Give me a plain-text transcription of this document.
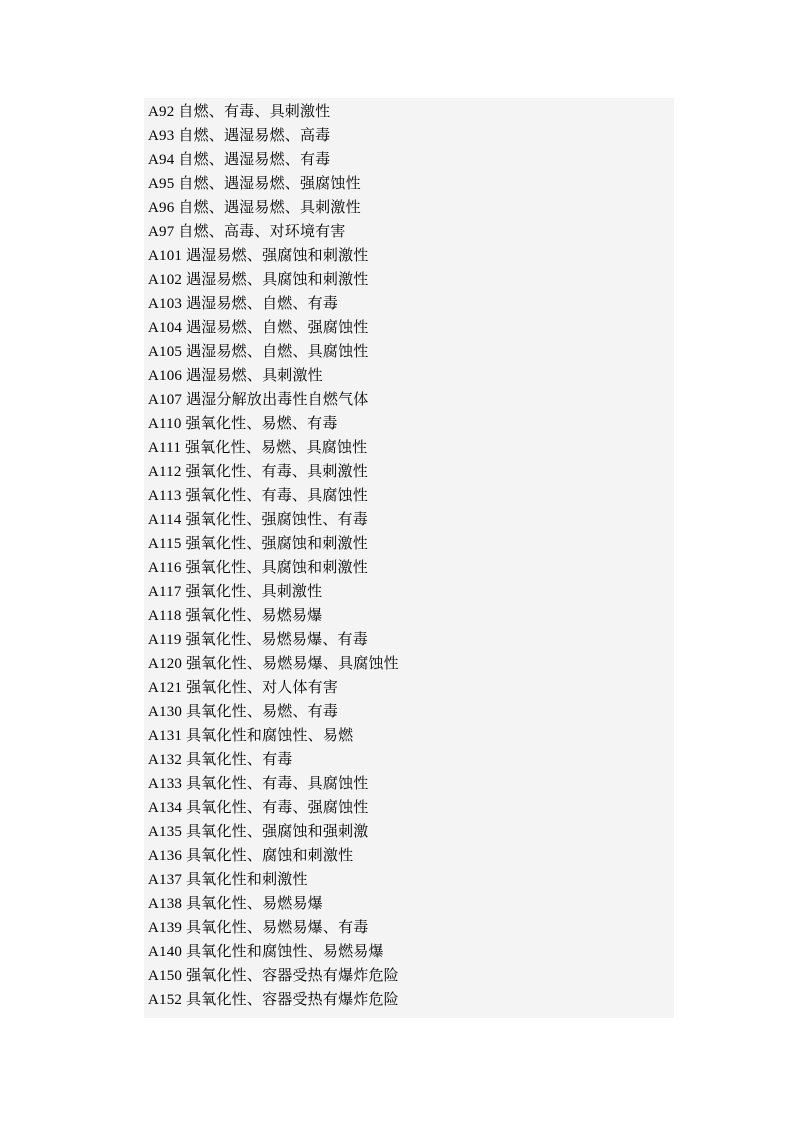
A92 自燃、有毒、具刺激性
A93 自燃、遇湿易燃、高毒
A94 自燃、遇湿易燃、有毒
A95 自燃、遇湿易燃、强腐蚀性
A96 自燃、遇湿易燃、具刺激性
A97 自燃、高毒、对环境有害
A101 遇湿易燃、强腐蚀和刺激性
A102 遇湿易燃、具腐蚀和刺激性
A103 遇湿易燃、自燃、有毒
A104 遇湿易燃、自燃、强腐蚀性
A105 遇湿易燃、自燃、具腐蚀性
A106 遇湿易燃、具刺激性
A107 遇湿分解放出毒性自燃气体
A110 强氧化性、易燃、有毒
A111 强氧化性、易燃、具腐蚀性
A112 强氧化性、有毒、具刺激性
A113 强氧化性、有毒、具腐蚀性
A114 强氧化性、强腐蚀性、有毒
A115 强氧化性、强腐蚀和刺激性
A116 强氧化性、具腐蚀和刺激性
A117 强氧化性、具刺激性
A118 强氧化性、易燃易爆
A119 强氧化性、易燃易爆、有毒
A120 强氧化性、易燃易爆、具腐蚀性
A121 强氧化性、对人体有害
A130 具氧化性、易燃、有毒
A131 具氧化性和腐蚀性、易燃
A132 具氧化性、有毒
A133 具氧化性、有毒、具腐蚀性
A134 具氧化性、有毒、强腐蚀性
A135 具氧化性、强腐蚀和强刺激
A136 具氧化性、腐蚀和刺激性
A137 具氧化性和刺激性
A138 具氧化性、易燃易爆
A139 具氧化性、易燃易爆、有毒
A140 具氧化性和腐蚀性、易燃易爆
A150 强氧化性、容器受热有爆炸危险
A152 具氧化性、容器受热有爆炸危险
